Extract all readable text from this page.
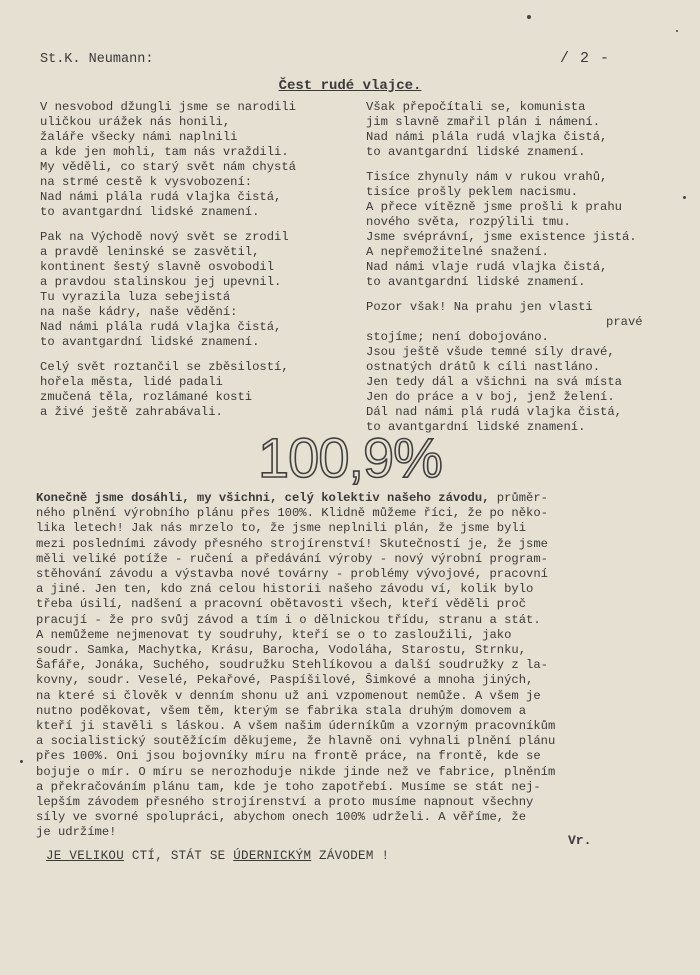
St.K. Neumann:	/ 2 -
Čest rudé vlajce.
V nesvobod džungli jsme se narodili
uličkou urážek nás honili,
žaláře všecky námi naplnili
a kde jen mohli, tam nás vraždili.
My věděli, co starý svět nám chystá
na strmé cestě k vysvobození:
Nad námi plála rudá vlajka čistá,
to avantgardní lidské znamení.
Pak na Východě nový svět se zrodil
a pravdě leninské se zasvětil,
kontinent šestý slavně osvobodil
a pravdou stalinskou jej upevnil.
Tu vyrazila luza sebejistá
na naše kádry, naše vědění:
Nad námi plála rudá vlajka čistá,
to avantgardní lidské znamení.
Celý svět roztančil se zběsilostí,
hořela města, lidé padali
zmučená těla, rozlámané kosti
a živé ještě zahrabávali.
Však přepočítali se, komunista
jim slavně zmařil plán i námení.
Nad námi plála rudá vlajka čistá,
to avantgardní lidské znamení.
Tisíce zhynuly nám v rukou vrahů,
tisíce prošly peklem nacismu.
A přece vítězně jsme prošli k prahu
nového světa, rozpýlili tmu.
Jsme svéprávní, jsme existence jistá.
A nepřemožitelné snažení.
Nad námi vlaje rudá vlajka čistá,
to avantgardní lidské znamení.
Pozor však! Na prahu jen vlasti
pravé
stojíme; není dobojováno.
Jsou ještě všude temné síly dravé,
ostnatých drátů k cíli nastláno.
Jen tedy dál a všichni na svá místa
Jen do práce a v boj, jenž želení.
Dál nad námi plá rudá vlajka čistá,
to avantgardní lidské znamení.
100,9%
Konečně jsme dosáhli, my všichni, celý kolektiv našeho závodu, průměr-
ného plnění výrobního plánu přes 100%. Klidně můžeme říci, že po něko-
lika letech! Jak nás mrzelo to, že jsme neplnili plán, že jsme byli
mezi posledními závody přesného strojírenství! Skutečností je, že jsme
měli veliké potíže - ručení a předávání výroby - nový výrobní program-
stěhování závodu a výstavba nové továrny - problémy vývojové, pracovní
a jiné. Jen ten, kdo zná celou historii našeho závodu ví, kolik bylo
třeba úsilí, nadšení a pracovní obětavosti všech, kteří věděli proč
pracují - že pro svůj závod a tím i o dělnickou třídu, stranu a stát.
A nemůžeme nejmenovat ty soudruhy, kteří se o to zasloužili, jako
soudr. Samka, Machytka, Krásu, Barocha, Vodoláha, Starostu, Strnku,
Šafáře, Jonáka, Suchého, soudružku Stehlíkovou a další soudružky z la-
kovny, soudr. Veselé, Pekařové, Paspíšilové, Šimkové a mnoha jiných,
na které si člověk v denním shonu už ani vzpomenout nemůže. A všem je
nutno poděkovat, všem těm, kterým se fabrika stala druhým domovem a
kteří ji stavěli s láskou. A všem našim úderníkům a vzorným pracovníkům
a socialistický soutěžícím děkujeme, že hlavně oni vyhnali plnění plánu
přes 100%. Oni jsou bojovníky míru na frontě práce, na frontě, kde se
bojuje o mír. O míru se nerozhoduje nikde jinde než ve fabrice, plněním
a překračováním plánu tam, kde je toho zapotřebí. Musíme se stát nej-
lepším závodem přesného strojírenství a proto musíme napnout všechny
síly ve svorné spolupráci, abychom onech 100% udrželi. A věříme, že
je udržíme!
Vr.
JE VELIKOU CTÍ, STÁT SE ÚDERNICKÝM ZÁVODEM !
